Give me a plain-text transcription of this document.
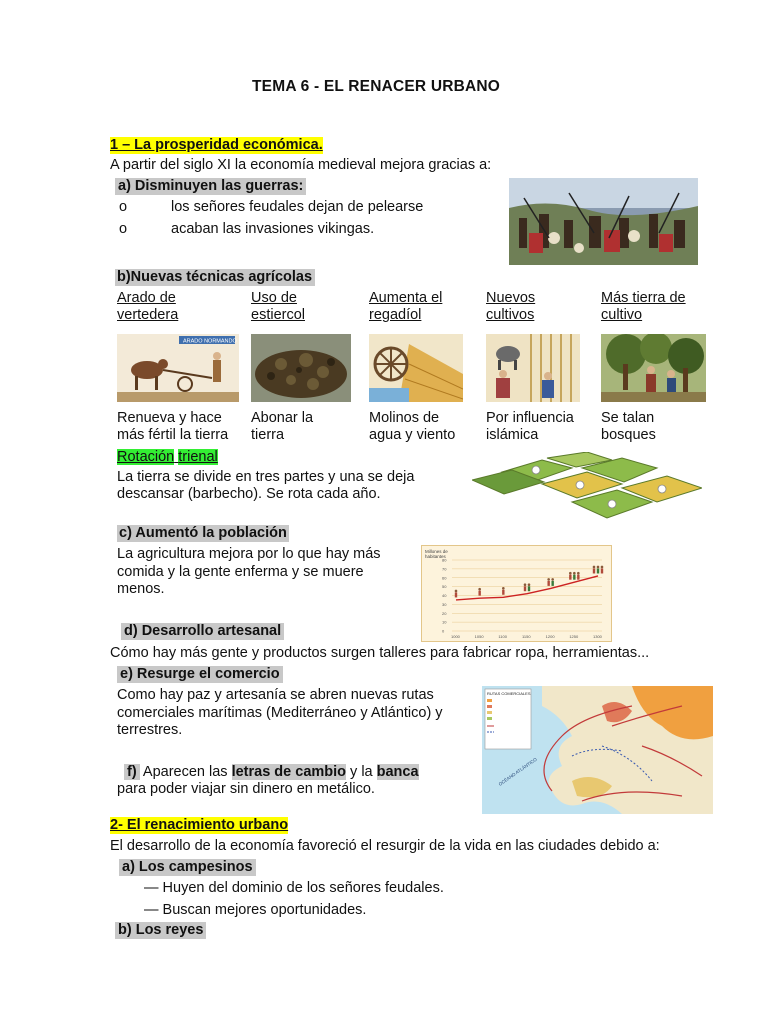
TEMA 6 - EL RENACER URBANO
1 – La prosperidad económica.
A partir del siglo XI la economía medieval mejora gracias a:
a) Disminuyen las guerras:
o	los señores feudales dejan de pelearse
o	acaban las invasiones vikingas.
b)Nuevas técnicas agrícolas
Arado de
vertedera
Uso de
estiercol
Aumenta el
regadíol
Nuevos
cultivos
Más tierra de
cultivo
ARADO NORMANDO
Renueva y hace
más fértil la tierra
Abonar la
tierra
Molinos de
agua y viento
Por influencia
islámica
Se talan
bosques
Rotación trienal
La tierra se divide en tres partes y una se deja
descansar (barbecho). Se rota cada año.
c) Aumentó la población
La agricultura mejora por lo que hay más
comida y la gente enferma y se muere
menos.
Millones de
habitantes
80
70
60
50
40
30
20
10
0
1000	1050	1100	1150	1200	1250	1300
d) Desarrollo artesanal
Cómo hay más gente y productos surgen talleres para fabricar ropa, herramientas...
e) Resurge el comercio
Como hay paz y artesanía se abren nuevas rutas
comerciales marítimas (Mediterráneo y Atlántico) y
terrestres.
RUTAS COMERCIALES
OCÉANO ATLÁNTICO
f) Aparecen las letras de cambio y la banca
para poder viajar sin dinero en metálico.
2- El renacimiento urbano
El desarrollo de la economía favoreció el resurgir de la vida en las ciudades debido a:
a) Los campesinos
— Huyen del dominio de los señores feudales.
— Buscan mejores oportunidades.
b) Los reyes
